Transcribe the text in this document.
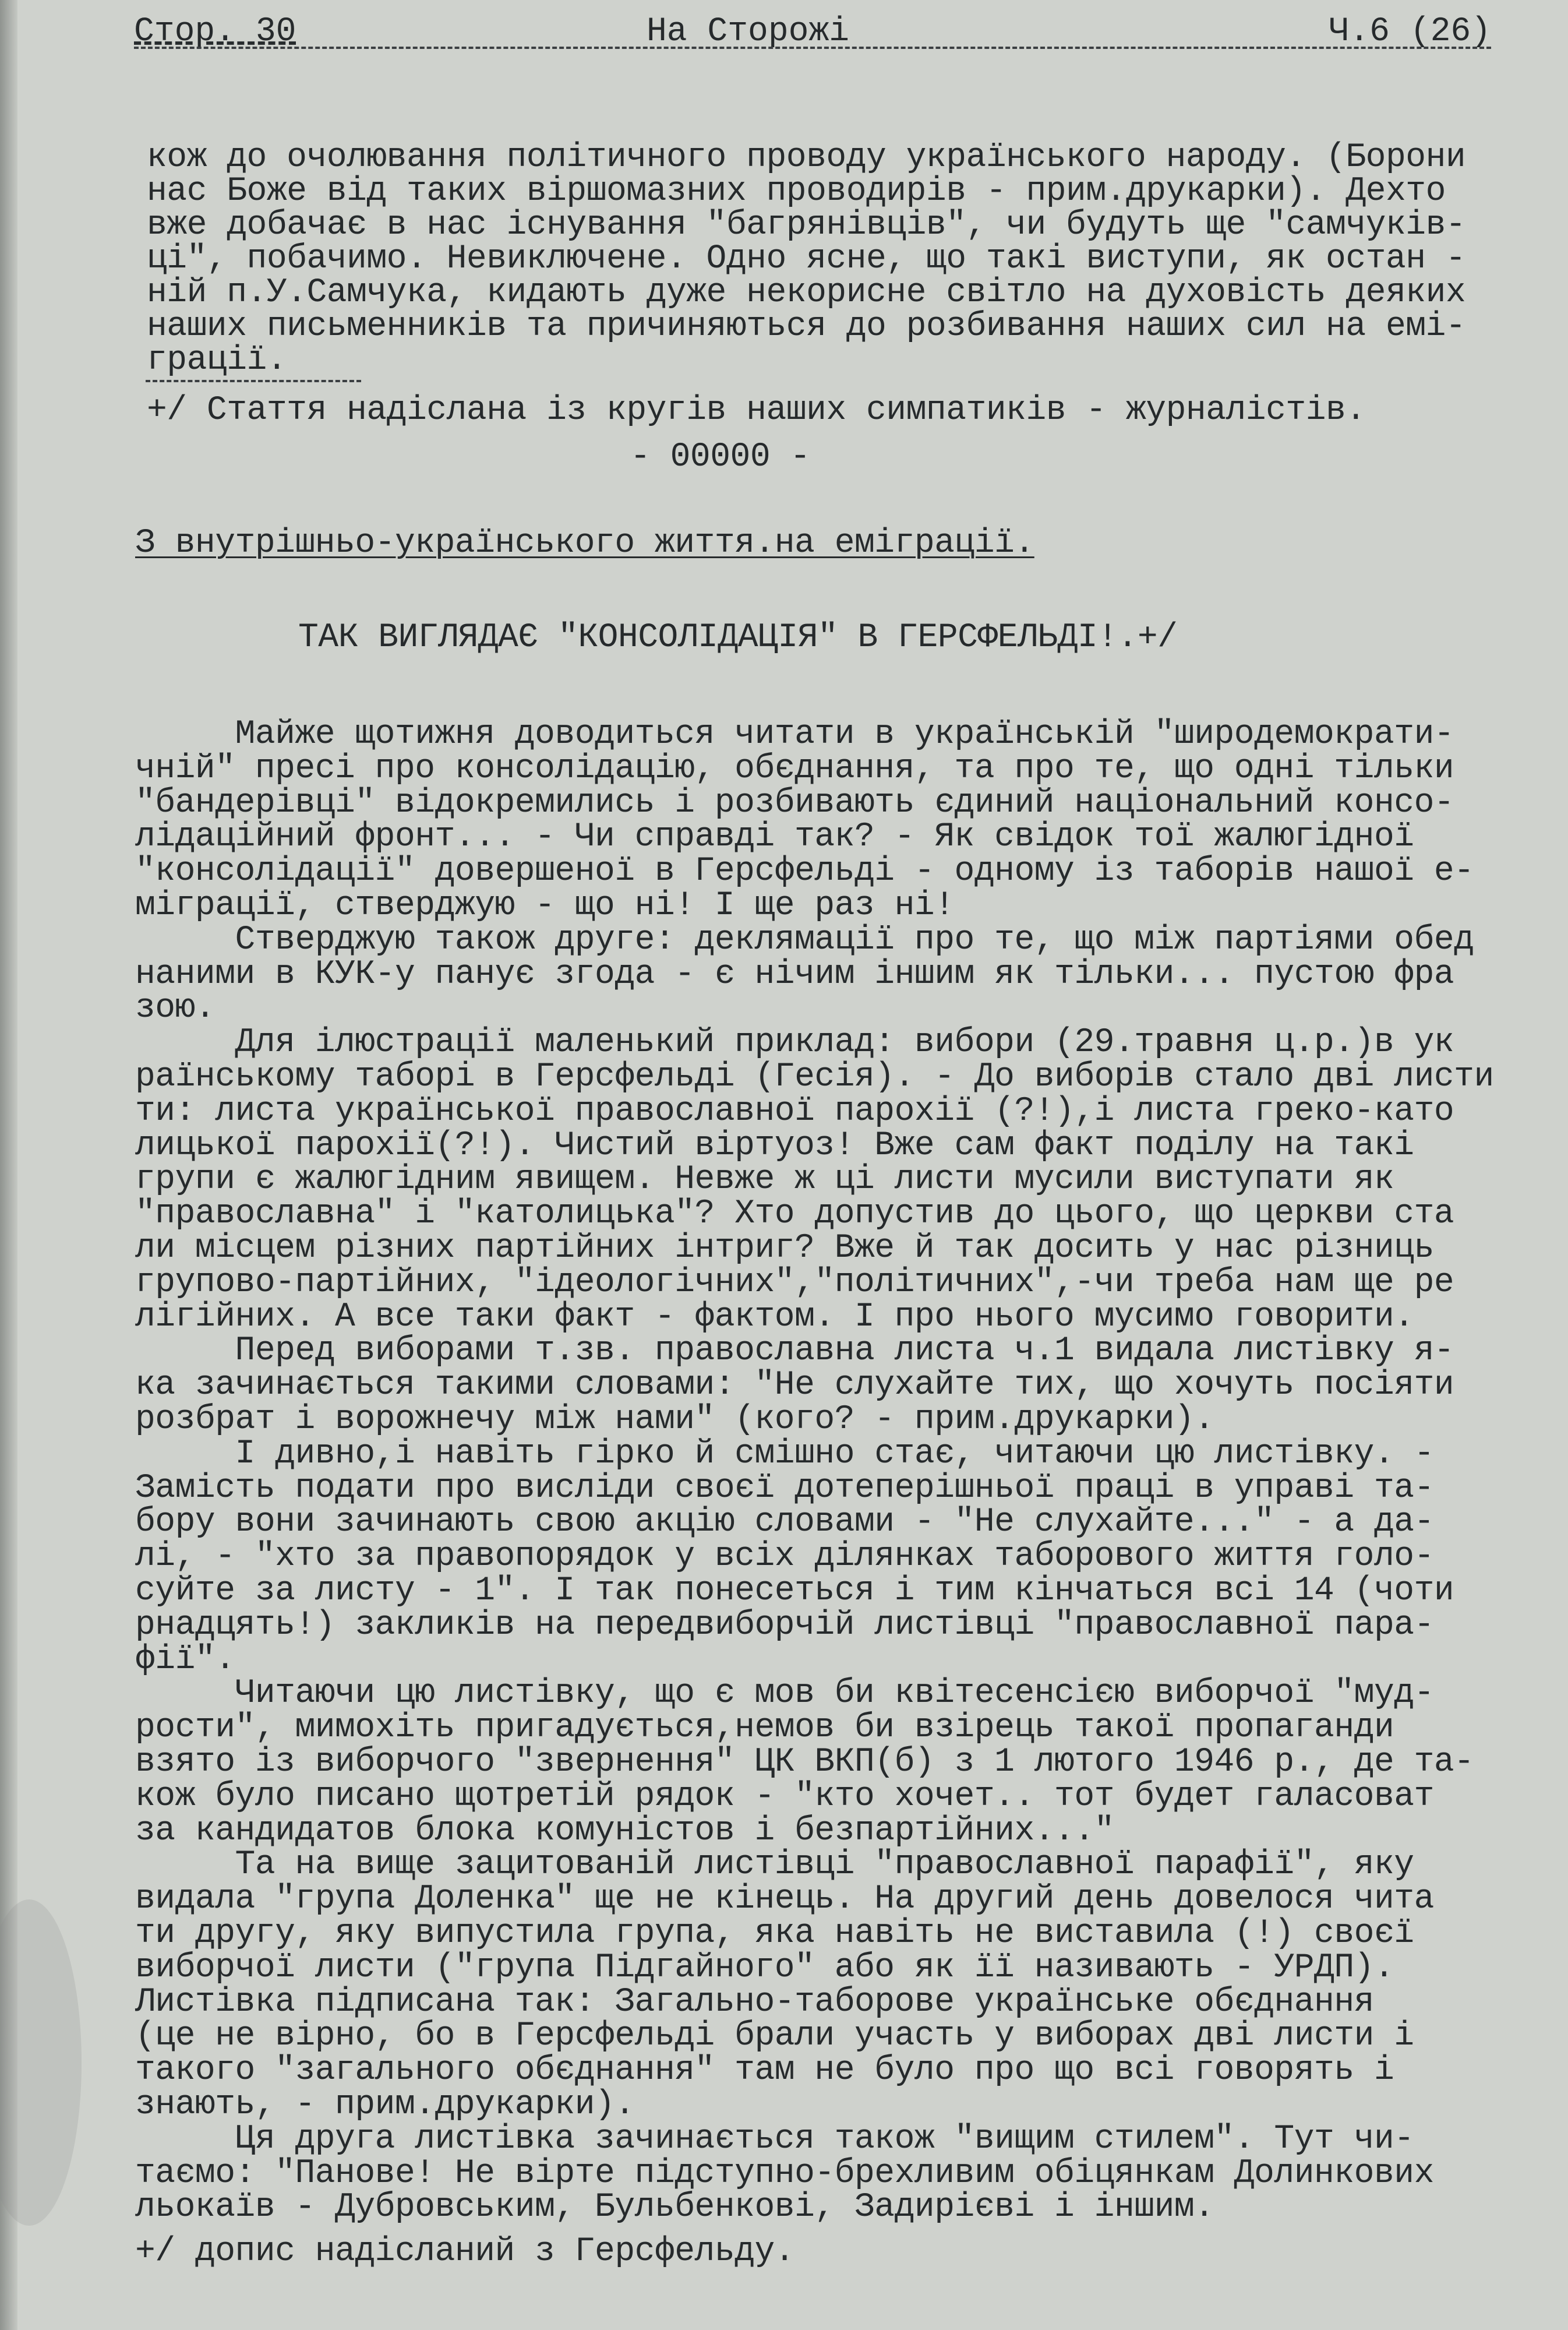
Стор. 30	На Сторожі	Ч.6 (26)
кож до очолювання політичного проводу українського народу. (Борони
нас Боже від таких віршомазних проводирів - прим.друкарки). Дехто
вже добачає в нас існування "багрянівців", чи будуть ще "самчуків-
ці", побачимо. Невиключене. Одно ясне, що такі виступи, як остан -
ній п.У.Самчука, кидають дуже некорисне світло на духовість деяких
наших письменників та причиняються до розбивання наших сил на емі-
грації.
+/ Стаття надіслана із кругів наших симпатиків - журналістів.
- 00000 -
З внутрішньо-українського життя.на еміграції.
ТАК ВИГЛЯДАЄ "КОНСОЛІДАЦІЯ" В ГЕРСФЕЛЬДІ!.+/
Майже щотижня доводиться читати в українській "широдемократи-
чній" пресі про консолідацію, обєднання, та про те, що одні тільки
"бандерівці" відокремились і розбивають єдиний національний консо-
лідаційний фронт... - Чи справді так? - Як свідок тої жалюгідної
"консолідації" довершеної в Герсфельді - одному із таборів нашої е-
міграції, стверджую - що ні! І ще раз ні!
Стверджую також друге: деклямації про те, що між партіями обед
наними в КУК-у панує згода - є нічим іншим як тільки... пустою фра
зою.
Для ілюстрації маленький приклад: вибори (29.травня ц.р.)в ук
раїнському таборі в Герсфельді (Гесія). - До виборів стало дві листи
ти: листа української православної парохії (?!),і листа греко-като
лицької парохії(?!). Чистий віртуоз! Вже сам факт поділу на такі
групи є жалюгідним явищем. Невже ж ці листи мусили виступати як
"православна" і "католицька"? Хто допустив до цього, що церкви ста
ли місцем різних партійних інтриг? Вже й так досить у нас різниць
групово-партійних, "ідеологічних","політичних",-чи треба нам ще ре
лігійних. А все таки факт - фактом. І про нього мусимо говорити.
Перед виборами т.зв. православна листа ч.1 видала листівку я-
ка зачинається такими словами: "Не слухайте тих, що хочуть посіяти
розбрат і ворожнечу між нами" (кого? - прим.друкарки).
І дивно,і навіть гірко й смішно стає, читаючи цю листівку. -
Замість подати про висліди своєї дотеперішньої праці в управі та-
бору вони зачинають свою акцію словами - "Не слухайте..." - а да-
лі, - "хто за правопорядок у всіх ділянках таборового життя голо-
суйте за листу - 1". І так понесеться і тим кінчаться всі 14 (чоти
рнадцять!) закликів на передвиборчій листівці "православної пара-
фії".
Читаючи цю листівку, що є мов би квітесенсією виборчої "муд-
рости", мимохіть пригадується,немов би взірець такої пропаганди
взято із виборчого "звернення" ЦК ВКП(б) з 1 лютого 1946 р., де та-
кож було писано щотретій рядок - "кто хочет.. тот будет галасоват
за кандидатов блока комуністов і безпартійних..."
Та на вище зацитованій листівці "православної парафії", яку
видала "група Доленка" ще не кінець. На другий день довелося чита
ти другу, яку випустила група, яка навіть не виставила (!) своєї
виборчої листи ("група Підгайного" або як її називають - УРДП).
Листівка підписана так: Загально-таборове українське обєднання
(це не вірно, бо в Герсфельді брали участь у виборах дві листи і
такого "загального обєднання" там не було про що всі говорять і
знають, - прим.друкарки).
Ця друга листівка зачинається також "вищим стилем". Тут чи-
таємо: "Панове! Не вірте підступно-брехливим обіцянкам Долинкових
льокаїв - Дубровським, Бульбенкові, Задирієві і іншим.
+/ допис надісланий з Герсфельду.
